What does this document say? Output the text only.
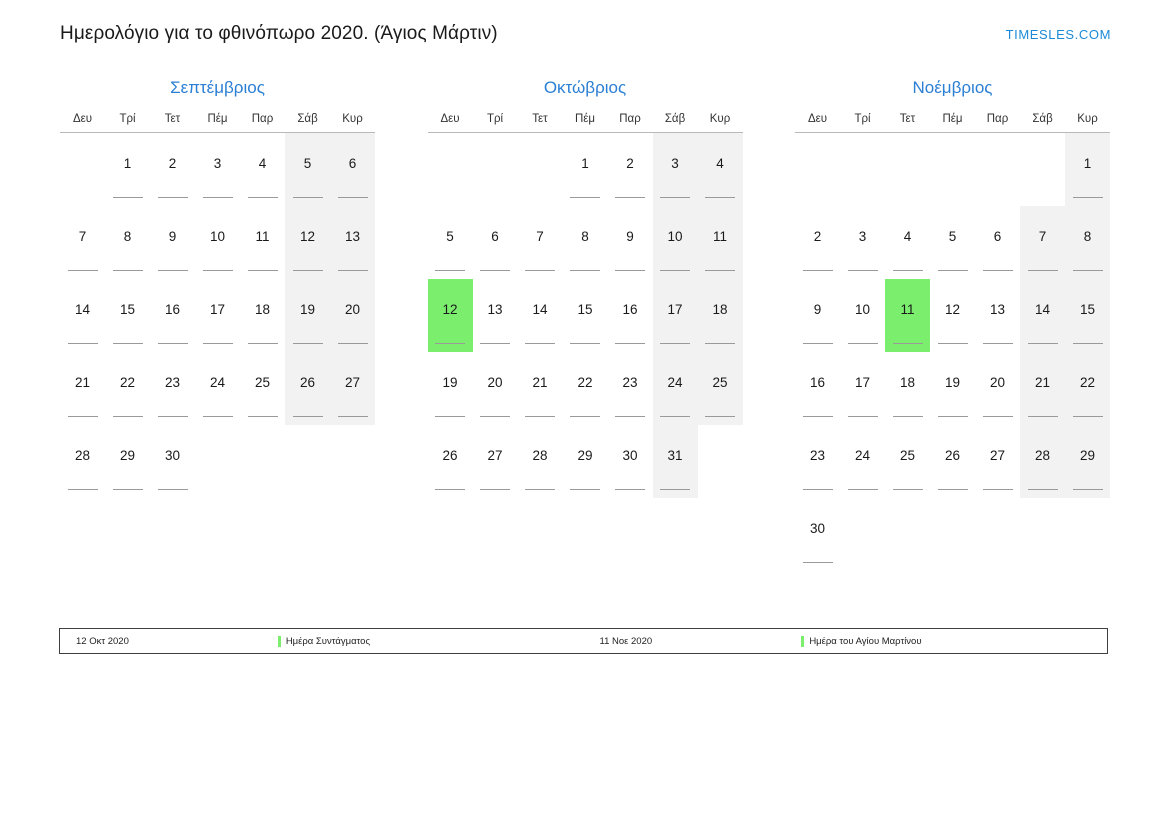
Ημερολόγιο για το φθινόπωρο 2020. (Άγιος Μάρτιν)	TIMESLES.COM
Σεπτέμβριος
Δευ	Τρί	Τετ	Πέμ	Παρ	Σάβ	Κυρ

	1	2	3	4	5	6

7	8	9	10	11	12	13

14	15	16	17	18	19	20

21	22	23	24	25	26	27

28	29	30				

Οκτώβριος
Δευ	Τρί	Τετ	Πέμ	Παρ	Σάβ	Κυρ

			1	2	3	4

5	6	7	8	9	10	11

12	13	14	15	16	17	18

19	20	21	22	23	24	25

26	27	28	29	30	31	

Νοέμβριος
Δευ	Τρί	Τετ	Πέμ	Παρ	Σάβ	Κυρ

						1

2	3	4	5	6	7	8

9	10	11	12	13	14	15

16	17	18	19	20	21	22

23	24	25	26	27	28	29

30						

12 Οκτ 2020	Ημέρα Συντάγματος	11 Νοε 2020	Ημέρα του Αγίου Μαρτίνου
